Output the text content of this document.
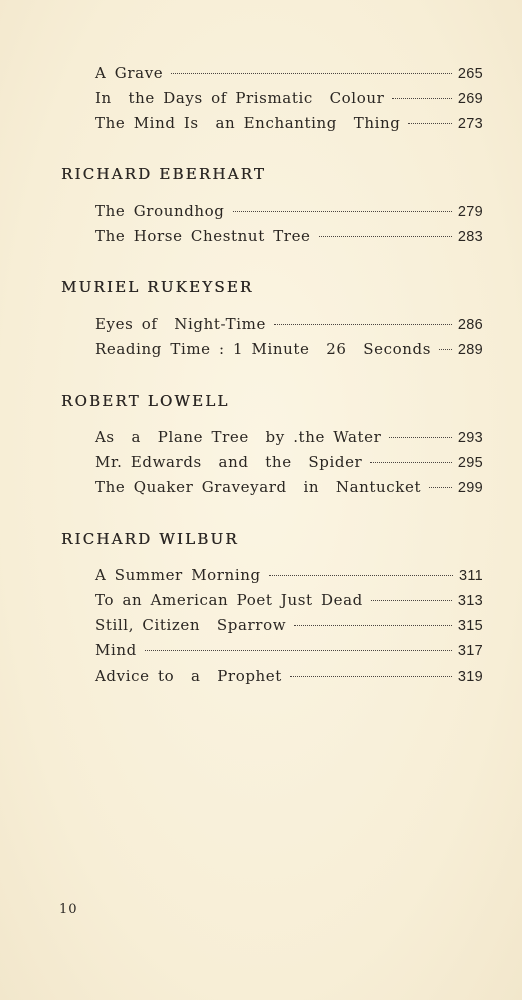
A Grave	265
In  the Days of Prismatic  Colour	269
The Mind Is  an Enchanting  Thing	273
RICHARD EBERHART
The Groundhog	279
The Horse Chestnut Tree	283
MURIEL RUKEYSER
Eyes of  Night-Time	286
Reading Time : 1 Minute  26  Seconds 289
ROBERT LOWELL
As  a  Plane Tree  by .the Water	293
Mr. Edwards  and  the  Spider	295
The Quaker Graveyard  in  Nantucket	299
RICHARD WILBUR
A Summer Morning	311
To an American Poet Just Dead	313
Still, Citizen  Sparrow	315
Mind	317
Advice to  a  Prophet	319
10
